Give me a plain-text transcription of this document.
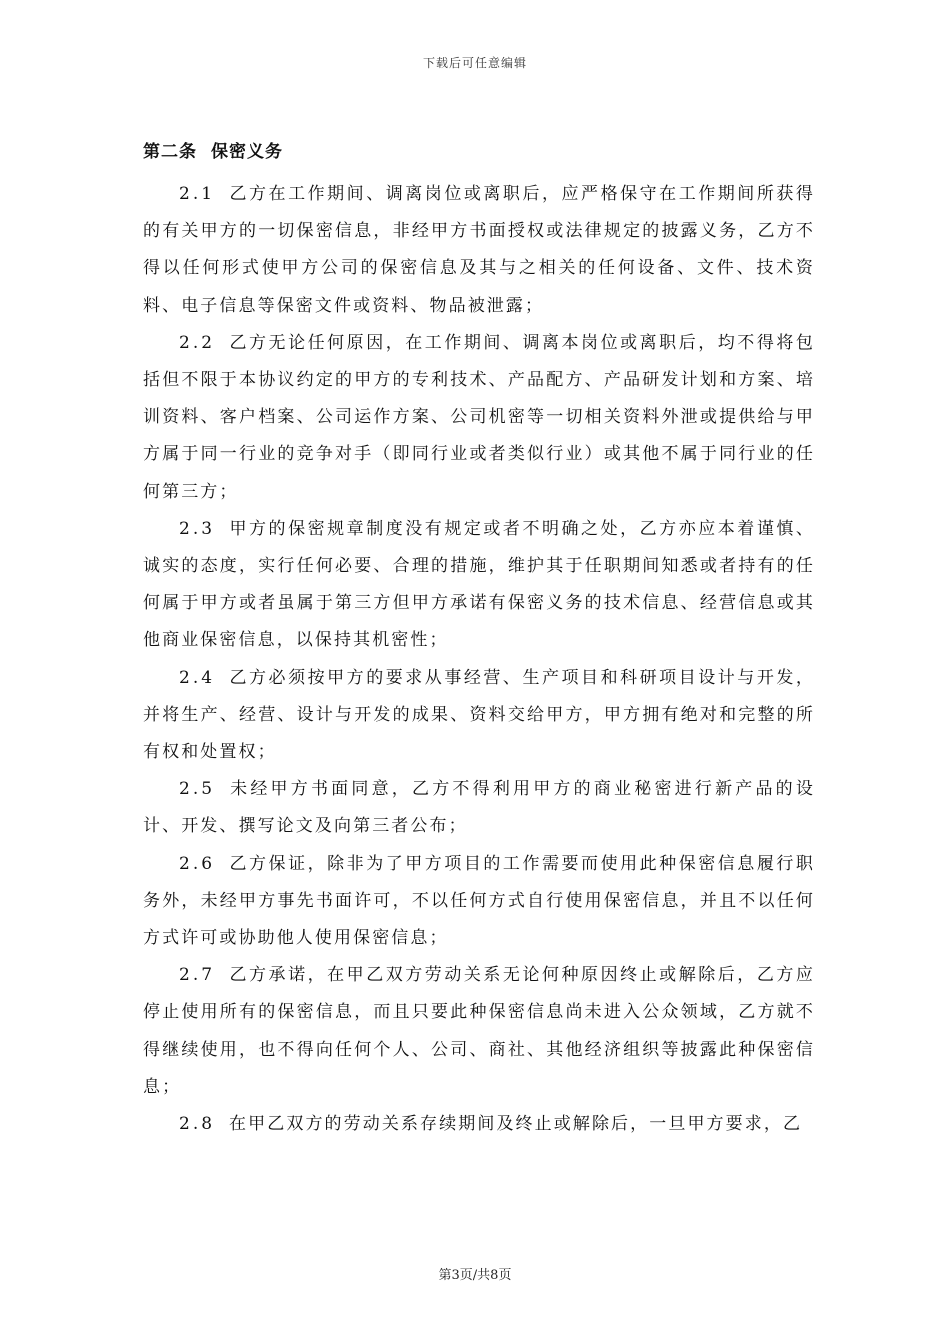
下载后可任意编辑
第二条 保密义务

2.1 乙方在工作期间、调离岗位或离职后，应严格保守在工作期间所获得的有关甲方的一切保密信息，非经甲方书面授权或法律规定的披露义务，乙方不得以任何形式使甲方公司的保密信息及其与之相关的任何设备、文件、技术资料、电子信息等保密文件或资料、物品被泄露；

2.2 乙方无论任何原因，在工作期间、调离本岗位或离职后，均不得将包括但不限于本协议约定的甲方的专利技术、产品配方、产品研发计划和方案、培训资料、客户档案、公司运作方案、公司机密等一切相关资料外泄或提供给与甲方属于同一行业的竞争对手（即同行业或者类似行业）或其他不属于同行业的任何第三方；

2.3 甲方的保密规章制度没有规定或者不明确之处，乙方亦应本着谨慎、诚实的态度，实行任何必要、合理的措施，维护其于任职期间知悉或者持有的任何属于甲方或者虽属于第三方但甲方承诺有保密义务的技术信息、经营信息或其他商业保密信息，以保持其机密性；

2.4 乙方必须按甲方的要求从事经营、生产项目和科研项目设计与开发，并将生产、经营、设计与开发的成果、资料交给甲方，甲方拥有绝对和完整的所有权和处置权；

2.5 未经甲方书面同意，乙方不得利用甲方的商业秘密进行新产品的设计、开发、撰写论文及向第三者公布；

2.6 乙方保证，除非为了甲方项目的工作需要而使用此种保密信息履行职务外，未经甲方事先书面许可，不以任何方式自行使用保密信息，并且不以任何方式许可或协助他人使用保密信息；

2.7 乙方承诺，在甲乙双方劳动关系无论何种原因终止或解除后，乙方应停止使用所有的保密信息，而且只要此种保密信息尚未进入公众领域，乙方就不得继续使用，也不得向任何个人、公司、商社、其他经济组织等披露此种保密信息；

2.8 在甲乙双方的劳动关系存续期间及终止或解除后，一旦甲方要求，乙

第3页/共8页
